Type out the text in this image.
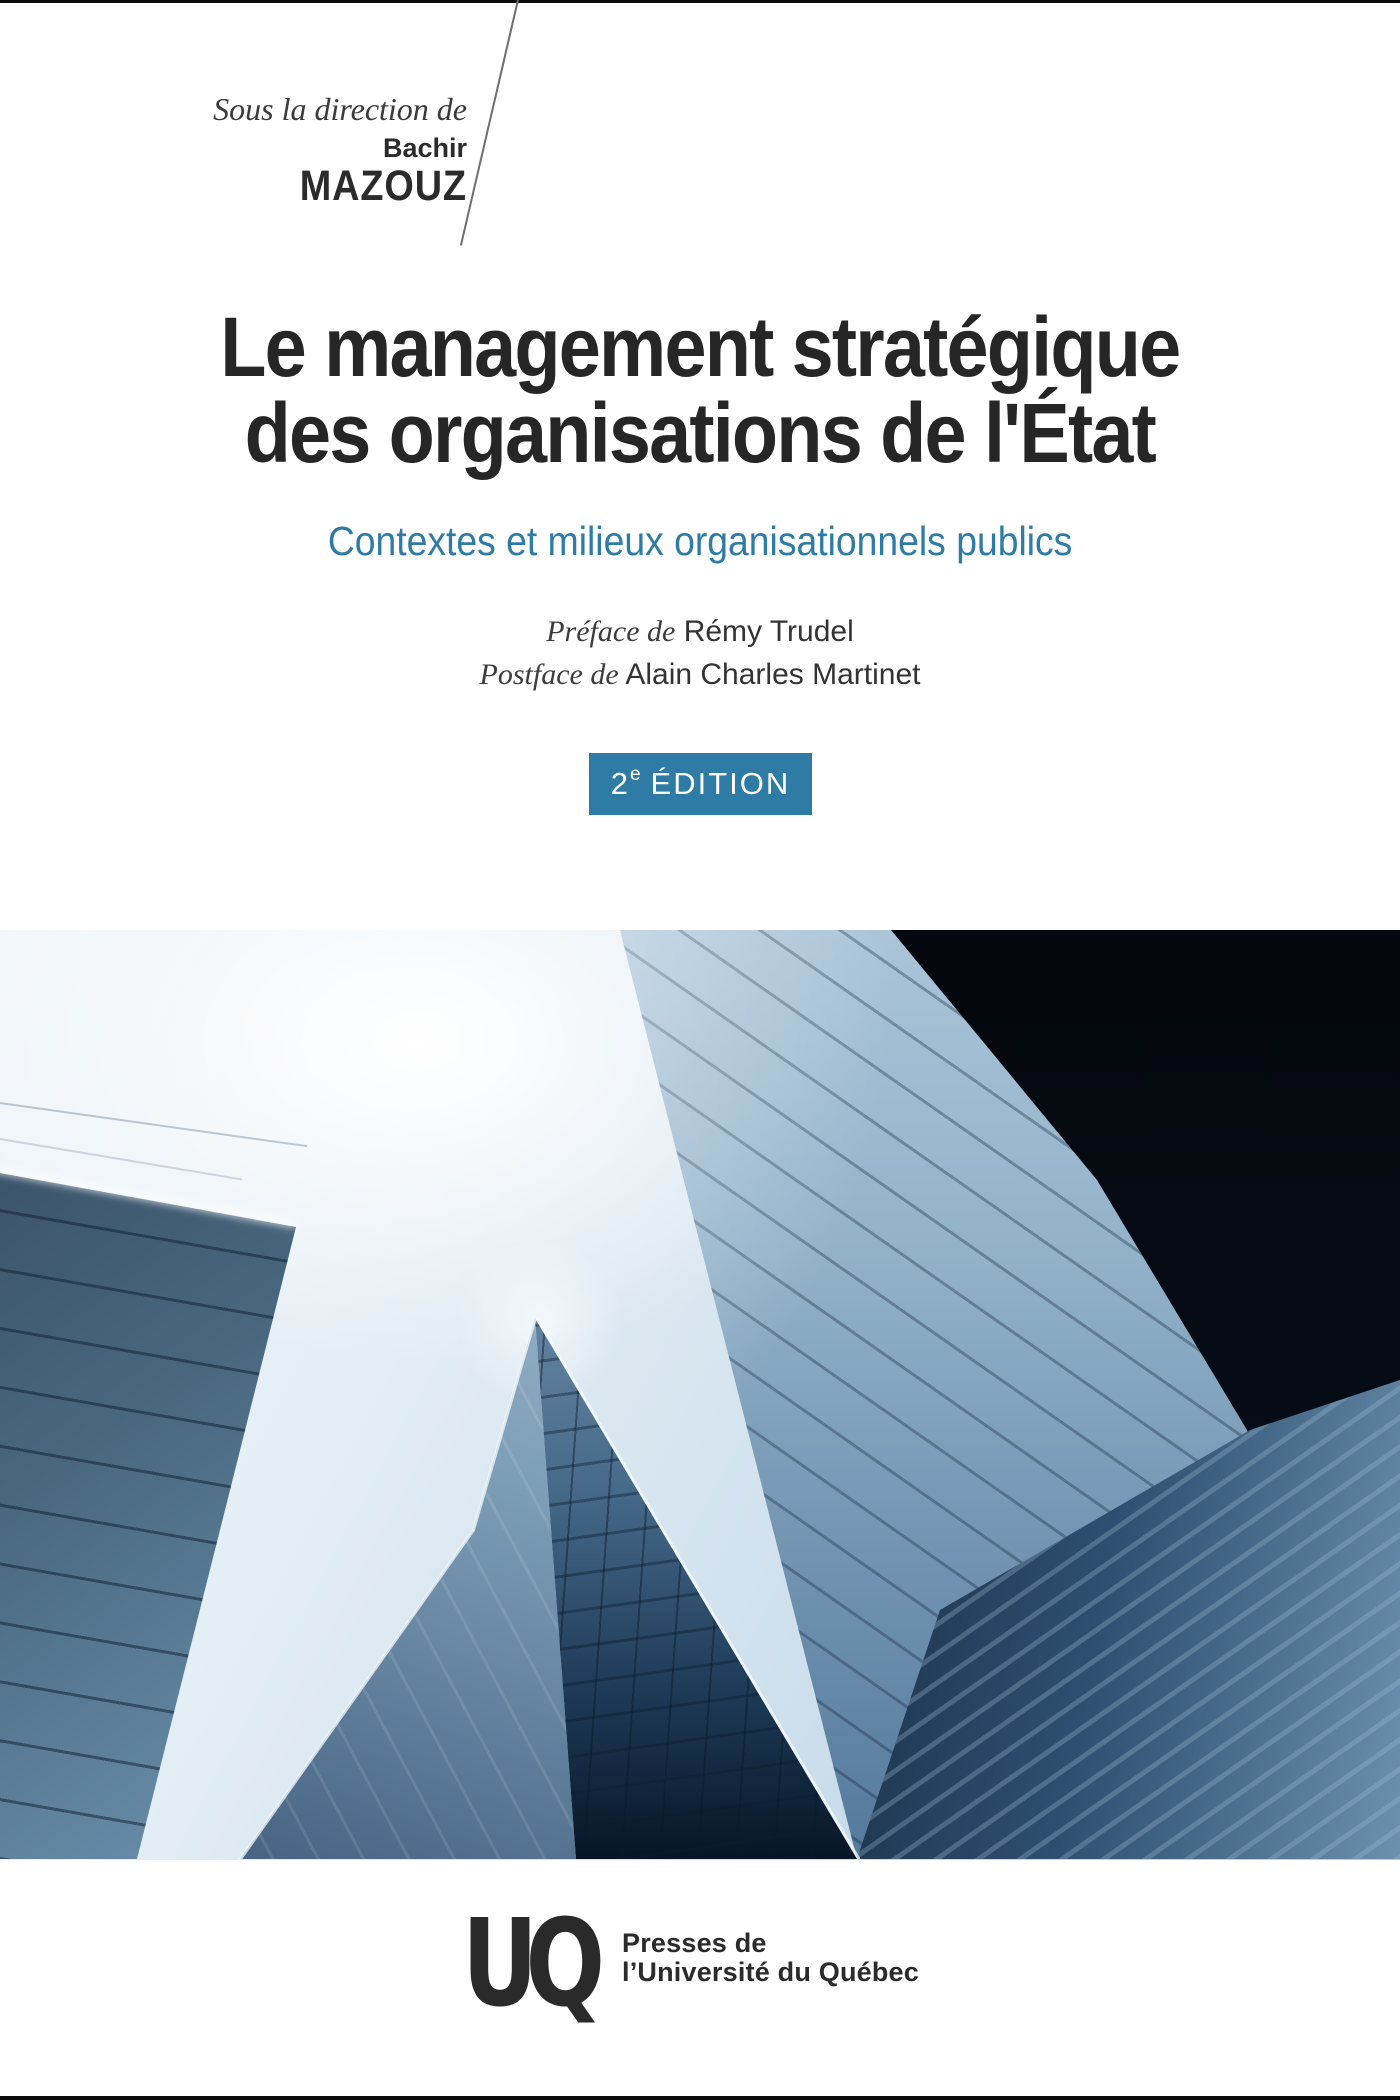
Sous la direction de
Bachir
MAZOUZ
Le management stratégique
des organisations de l'État
Contextes et milieux organisationnels publics
Préface de Rémy Trudel
Postface de Alain Charles Martinet
2 e ÉDITION
UQ Presses de
l’Université du Québec
